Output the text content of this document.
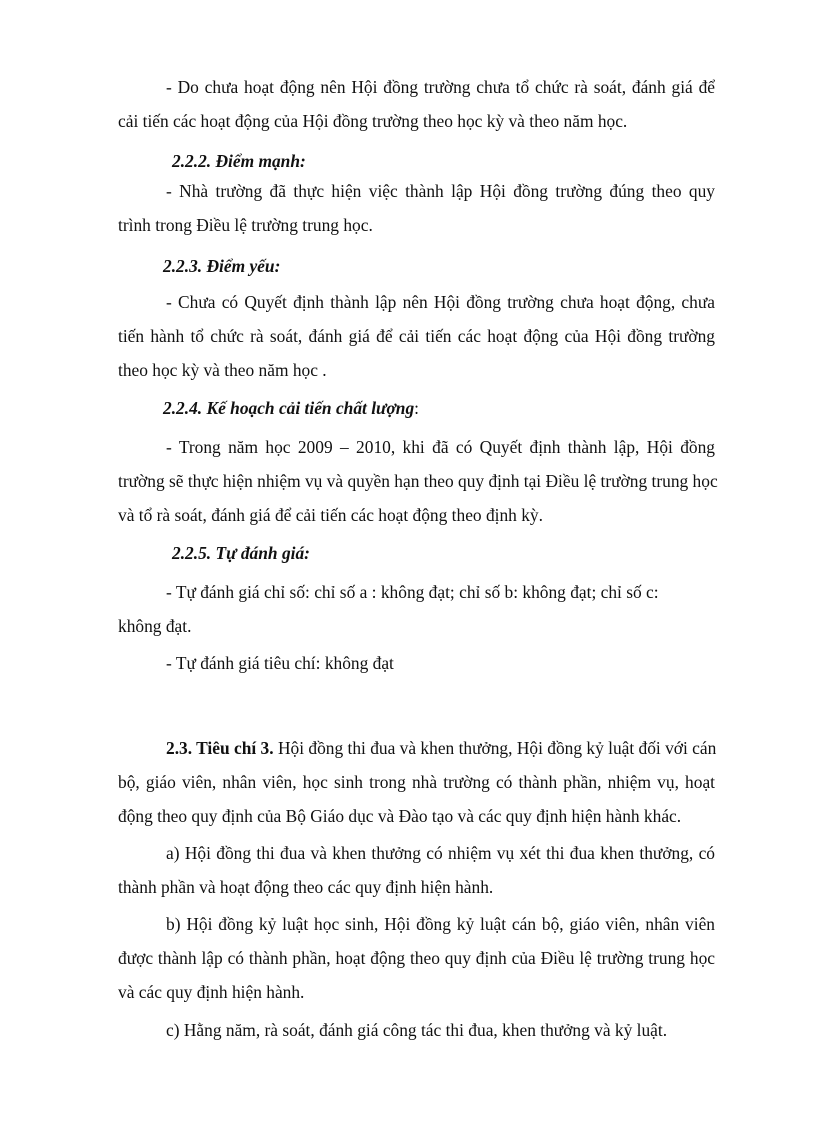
- Do chưa hoạt động nên Hội đồng trường chưa tổ chức rà soát, đánh giá để
cải tiến các hoạt động của Hội đồng trường theo học kỳ và theo năm học.
2.2.2. Điểm mạnh:
- Nhà trường đã thực hiện việc thành lập Hội đồng trường đúng theo quy
trình trong Điều lệ trường trung học.
2.2.3. Điểm yếu:
- Chưa có Quyết định thành lập nên Hội đồng trường chưa hoạt động, chưa
tiến hành tổ chức rà soát, đánh giá để cải tiến các hoạt động của Hội đồng trường
theo học kỳ và theo năm học .
2.2.4. Kế hoạch cải tiến chất lượng:
- Trong năm học 2009 – 2010, khi đã có Quyết định thành lập, Hội đồng
trường sẽ thực hiện nhiệm vụ và quyền hạn theo quy định tại Điều lệ trường trung học
và tổ rà soát, đánh giá để cải tiến các hoạt động theo định kỳ.
2.2.5. Tự đánh giá:
- Tự đánh giá chỉ số: chỉ số a : không đạt; chỉ số b: không đạt; chỉ số c:
không đạt.
- Tự đánh giá tiêu chí: không đạt
2.3. Tiêu chí 3. Hội đồng thi đua và khen thưởng, Hội đồng kỷ luật đối với cán
bộ, giáo viên, nhân viên, học sinh trong nhà trường có thành phần, nhiệm vụ, hoạt
động theo quy định của Bộ Giáo dục và Đào tạo và các quy định hiện hành khác.
a) Hội đồng thi đua và khen thưởng có nhiệm vụ xét thi đua khen thưởng, có
thành phần và hoạt động theo các quy định hiện hành.
b) Hội đồng kỷ luật học sinh, Hội đồng kỷ luật cán bộ, giáo viên, nhân viên
được thành lập có thành phần, hoạt động theo quy định của Điều lệ trường trung học
và các quy định hiện hành.
c) Hằng năm, rà soát, đánh giá công tác thi đua, khen thưởng và kỷ luật.
